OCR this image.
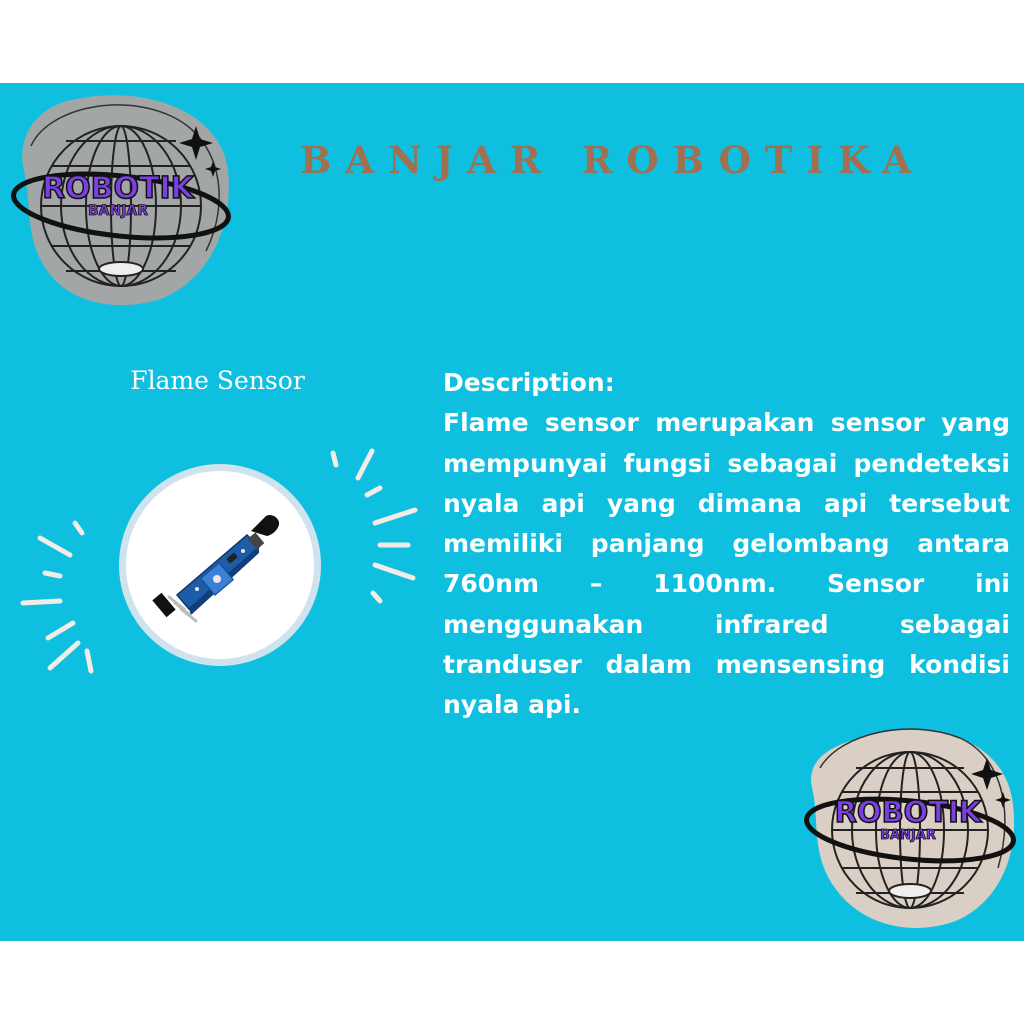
ROBOTIK
BANJAR
BANJAR ROBOTIKA
Flame Sensor	Description:
Flame sensor merupakan sensor yang mempunyai fungsi sebagai pendeteksi nyala api yang dimana api tersebut memiliki panjang gelombang antara 760nm – 1100nm. Sensor ini menggunakan infrared sebagai tranduser dalam mensensing kondisi nyala api.
ROBOTIK
BANJAR
